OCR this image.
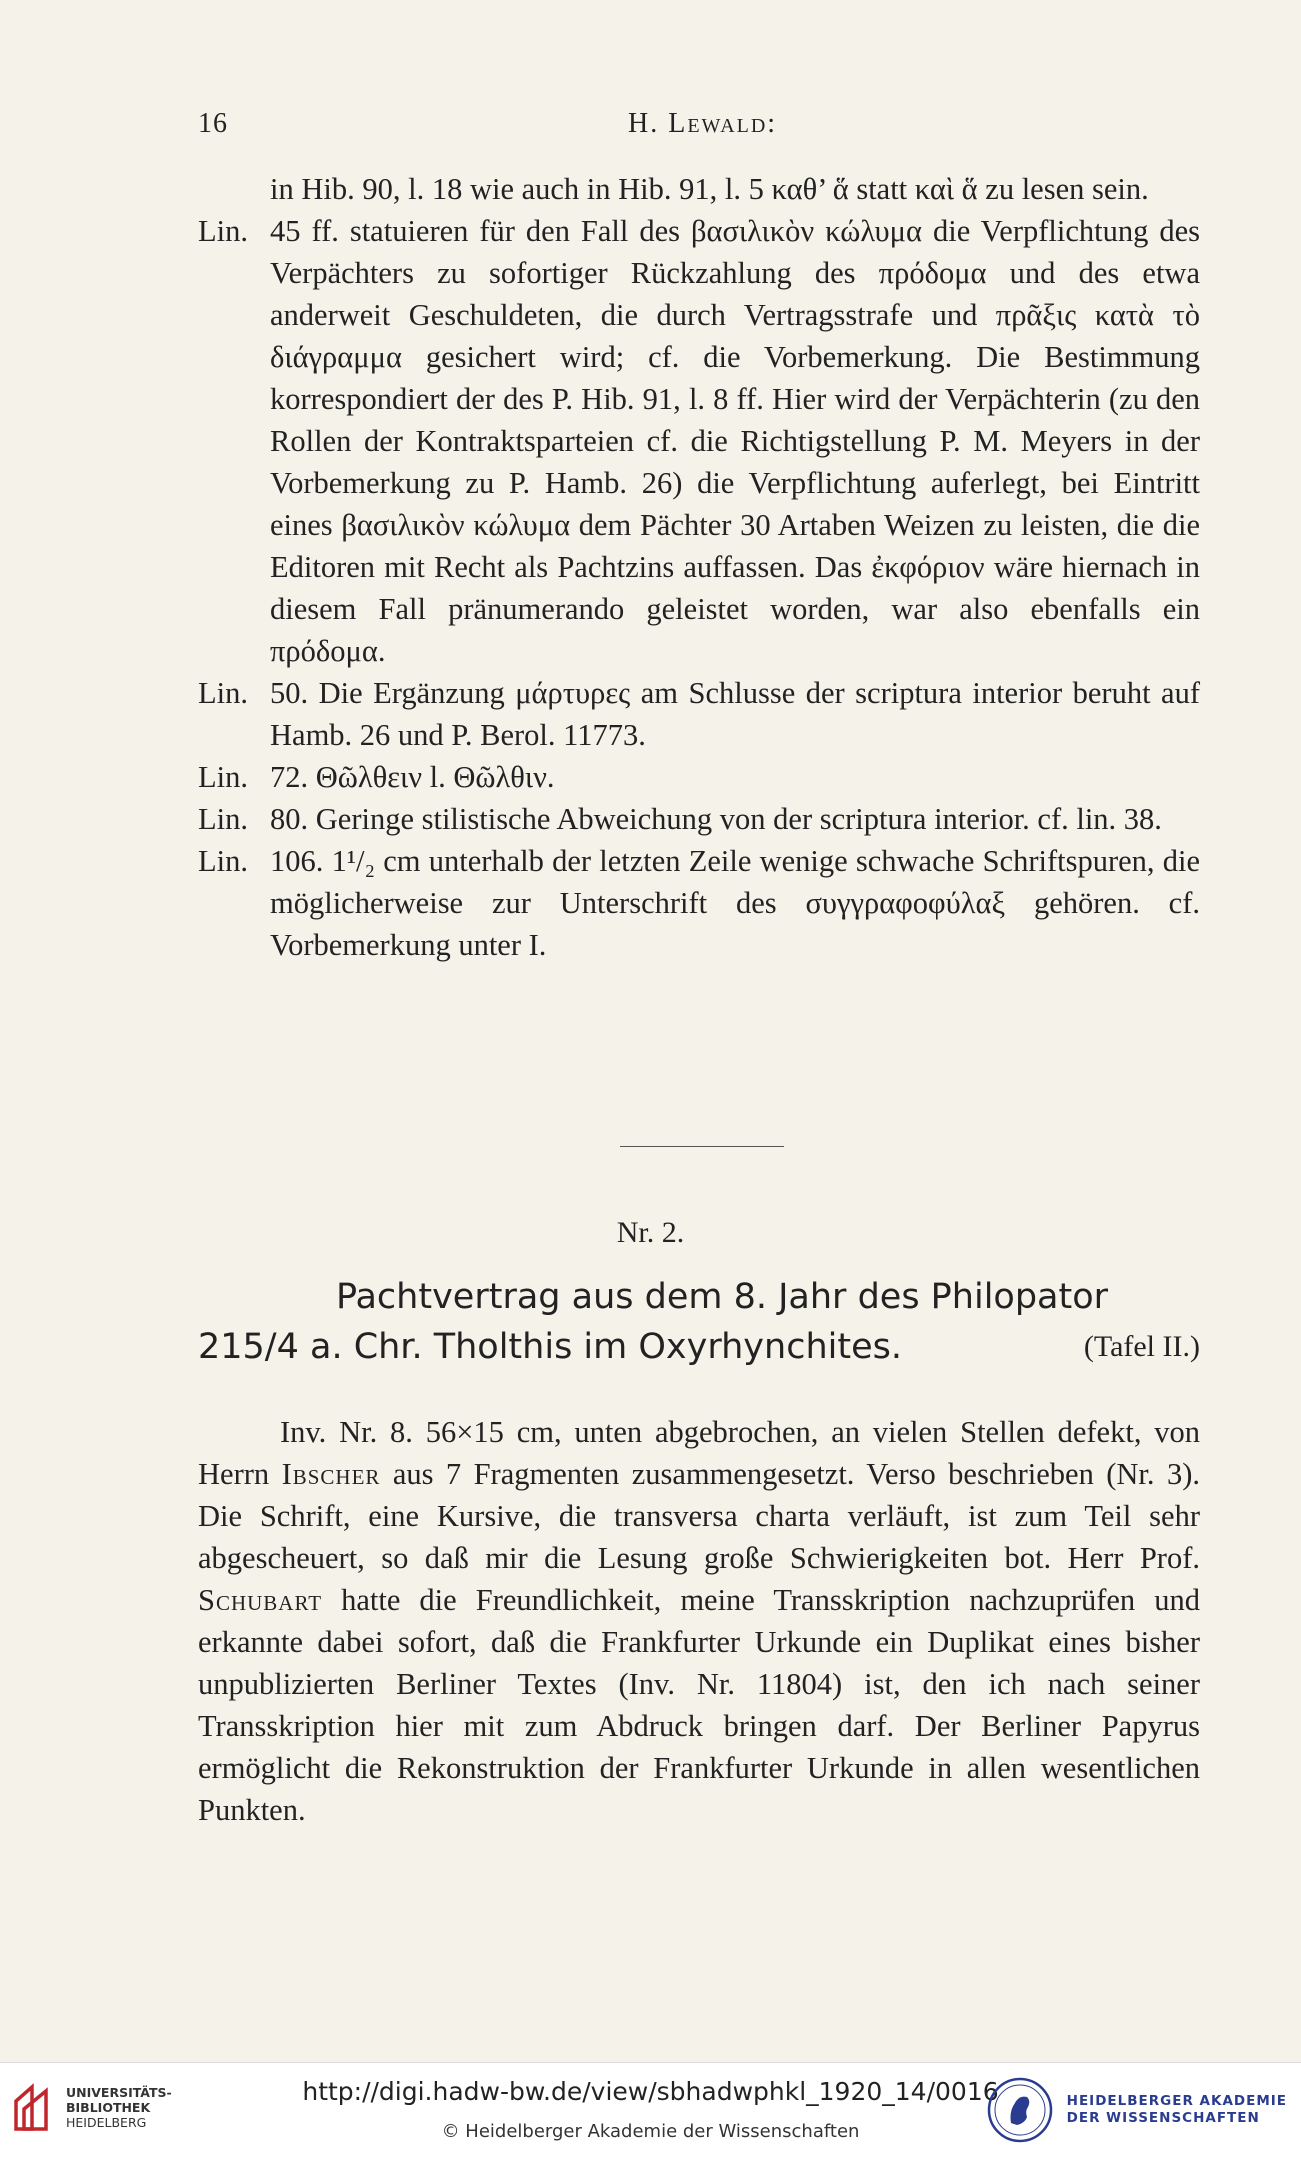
16	H. Lewald:

in Hib. 90, l. 18 wie auch in Hib. 91, l. 5 καθ’ ἅ statt καὶ ἅ zu lesen sein.

Lin. 45 ff. statuieren für den Fall des βασιλικὸν κώλυμα die Verpflichtung des Verpächters zu sofortiger Rückzahlung des πρόδομα und des etwa anderweit Geschuldeten, die durch Vertragsstrafe und πρᾶξις κατὰ τὸ διάγραμμα gesichert wird; cf. die Vorbemerkung. Die Bestimmung korrespondiert der des P. Hib. 91, l. 8 ff. Hier wird der Verpächterin (zu den Rollen der Kontraktsparteien cf. die Richtigstellung P. M. Meyers in der Vorbemerkung zu P. Hamb. 26) die Verpflichtung auferlegt, bei Eintritt eines βασιλικὸν κώλυμα dem Pächter 30 Artaben Weizen zu leisten, die die Editoren mit Recht als Pachtzins auffassen. Das ἐκφόριον wäre hiernach in diesem Fall pränumerando geleistet worden, war also ebenfalls ein πρόδομα.

Lin. 50. Die Ergänzung μάρτυρες am Schlusse der scriptura interior beruht auf Hamb. 26 und P. Berol. 11773.

Lin. 72. Θῶλθειν l. Θῶλθιν.

Lin. 80. Geringe stilistische Abweichung von der scriptura interior. cf. lin. 38.

Lin. 106. 1¹/₂ cm unterhalb der letzten Zeile wenige schwache Schriftspuren, die möglicherweise zur Unterschrift des συγγραφοφύλαξ gehören. cf. Vorbemerkung unter I.

Nr. 2.
Pachtvertrag aus dem 8. Jahr des Philopator
215/4 a. Chr. Tholthis im Oxyrhynchites.	(Tafel II.)

Inv. Nr. 8. 56×15 cm, unten abgebrochen, an vielen Stellen defekt, von Herrn Ibscher aus 7 Fragmenten zusammengesetzt. Verso beschrieben (Nr. 3). Die Schrift, eine Kursive, die transversa charta verläuft, ist zum Teil sehr abgescheuert, so daß mir die Lesung große Schwierigkeiten bot. Herr Prof. Schubart hatte die Freundlichkeit, meine Transskription nachzuprüfen und erkannte dabei sofort, daß die Frankfurter Urkunde ein Duplikat eines bisher unpublizierten Berliner Textes (Inv. Nr. 11804) ist, den ich nach seiner Transskription hier mit zum Abdruck bringen darf. Der Berliner Papyrus ermöglicht die Rekonstruktion der Frankfurter Urkunde in allen wesentlichen Punkten.

UNIVERSITÄTS-
BIBLIOTHEK
HEIDELBERG
http://digi.hadw-bw.de/view/sbhadwphkl_1920_14/0016
© Heidelberger Akademie der Wissenschaften
HEIDELBERGER AKADEMIE
DER WISSENSCHAFTEN
